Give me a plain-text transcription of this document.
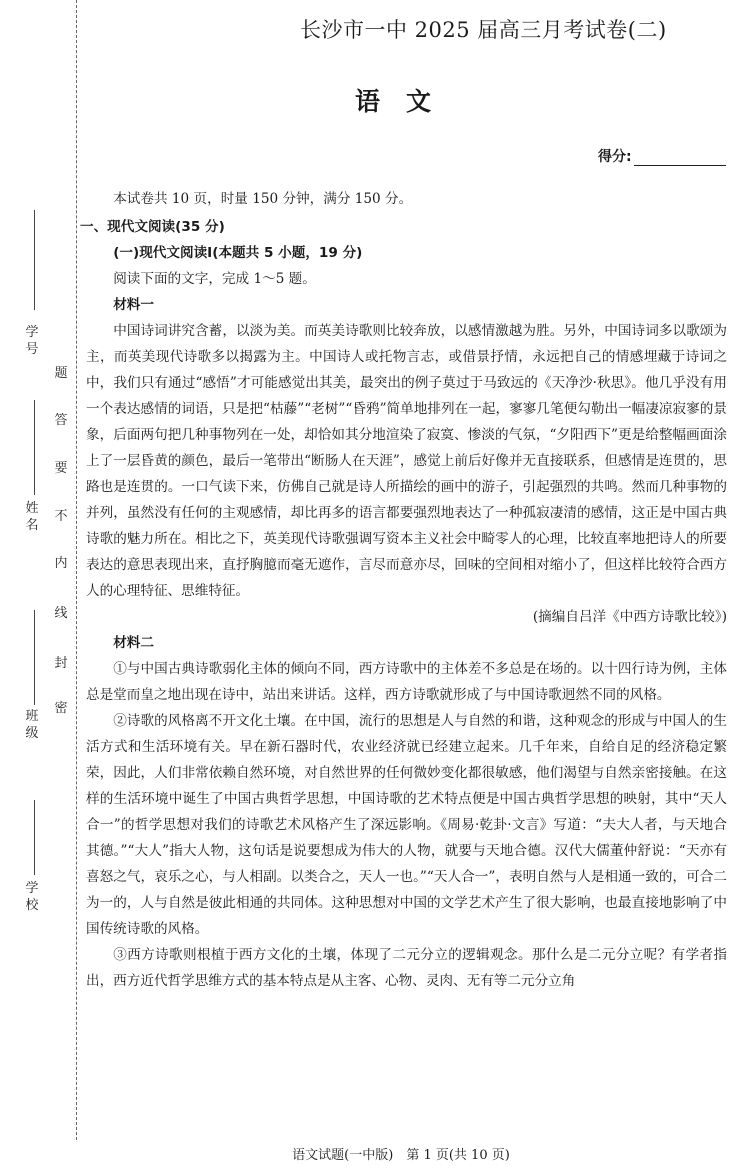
学号
姓名
班级
学校
密
封
线
内
不
要
答
题
长沙市一中 2025 届高三月考试卷(二)
语文
得分:

本试卷共 10 页，时量 150 分钟，满分 150 分。

一、现代文阅读(35 分)

(一)现代文阅读Ⅰ(本题共 5 小题，19 分)

阅读下面的文字，完成 1～5 题。

材料一

中国诗词讲究含蓄，以淡为美。而英美诗歌则比较奔放，以感情激越为胜。另外，中国诗词多以歌颂为主，而英美现代诗歌多以揭露为主。中国诗人或托物言志，或借景抒情，永远把自己的情感埋藏于诗词之中，我们只有通过“感悟”才可能感觉出其美，最突出的例子莫过于马致远的《天净沙·秋思》。他几乎没有用一个表达感情的词语，只是把“枯藤”“老树”“昏鸦”简单地排列在一起，寥寥几笔便勾勒出一幅凄凉寂寥的景象，后面两句把几种事物列在一处，却恰如其分地渲染了寂寞、惨淡的气氛，“夕阳西下”更是给整幅画面涂上了一层昏黄的颜色，最后一笔带出“断肠人在天涯”，感觉上前后好像并无直接联系，但感情是连贯的，思路也是连贯的。一口气读下来，仿佛自己就是诗人所描绘的画中的游子，引起强烈的共鸣。然而几种事物的并列，虽然没有任何的主观感情，却比再多的语言都要强烈地表达了一种孤寂凄清的感情，这正是中国古典诗歌的魅力所在。相比之下，英美现代诗歌强调写资本主义社会中畸零人的心理，比较直率地把诗人的所要表达的意思表现出来，直抒胸臆而毫无遮作，言尽而意亦尽，回味的空间相对缩小了，但这样比较符合西方人的心理特征、思维特征。

(摘编自吕洋《中西方诗歌比较》)

材料二

①与中国古典诗歌弱化主体的倾向不同，西方诗歌中的主体差不多总是在场的。以十四行诗为例，主体总是堂而皇之地出现在诗中，站出来讲话。这样，西方诗歌就形成了与中国诗歌迥然不同的风格。

②诗歌的风格离不开文化土壤。在中国，流行的思想是人与自然的和谐，这种观念的形成与中国人的生活方式和生活环境有关。早在新石器时代，农业经济就已经建立起来。几千年来，自给自足的经济稳定繁荣，因此，人们非常依赖自然环境，对自然世界的任何微妙变化都很敏感，他们渴望与自然亲密接触。在这样的生活环境中诞生了中国古典哲学思想，中国诗歌的艺术特点便是中国古典哲学思想的映射，其中“天人合一”的哲学思想对我们的诗歌艺术风格产生了深远影响。《周易·乾卦·文言》写道：“夫大人者，与天地合其德。”“大人”指大人物，这句话是说要想成为伟大的人物，就要与天地合德。汉代大儒董仲舒说：“天亦有喜怒之气，哀乐之心，与人相副。以类合之，天人一也。”“天人合一”，表明自然与人是相通一致的，可合二为一的，人与自然是彼此相通的共同体。这种思想对中国的文学艺术产生了很大影响，也最直接地影响了中国传统诗歌的风格。

③西方诗歌则根植于西方文化的土壤，体现了二元分立的逻辑观念。那什么是二元分立呢？有学者指出，西方近代哲学思维方式的基本特点是从主客、心物、灵肉、无有等二元分立角

语文试题(一中版)　第 1 页(共 10 页)
